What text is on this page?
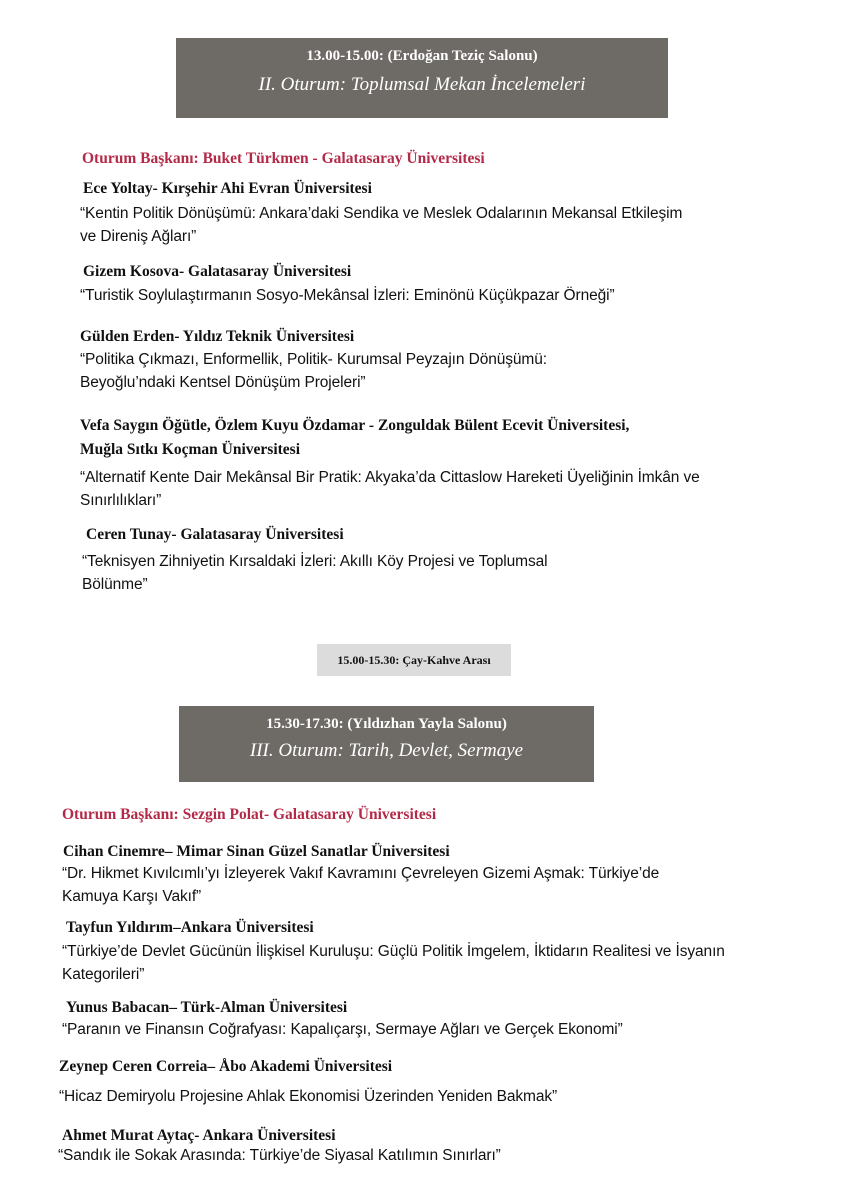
13.00-15.00: (Erdoğan Teziç Salonu)
II. Oturum: Toplumsal Mekan İncelemeleri
Oturum Başkanı: Buket Türkmen - Galatasaray Üniversitesi
Ece Yoltay- Kırşehir Ahi Evran Üniversitesi
“Kentin Politik Dönüşümü: Ankara’daki Sendika ve Meslek Odalarının Mekansal Etkileşim
ve Direniş Ağları”
Gizem Kosova- Galatasaray Üniversitesi
“Turistik Soylulaştırmanın Sosyo-Mekânsal İzleri: Eminönü Küçükpazar Örneği”
Gülden Erden- Yıldız Teknik Üniversitesi
“Politika Çıkmazı, Enformellik, Politik- Kurumsal Peyzajın Dönüşümü:
Beyoğlu’ndaki Kentsel Dönüşüm Projeleri”
Vefa Saygın Öğütle, Özlem Kuyu Özdamar - Zonguldak Bülent Ecevit Üniversitesi,
Muğla Sıtkı Koçman Üniversitesi
“Alternatif Kente Dair Mekânsal Bir Pratik: Akyaka’da Cittaslow Hareketi Üyeliğinin İmkân ve
Sınırlılıkları”
Ceren Tunay- Galatasaray Üniversitesi
“Teknisyen Zihniyetin Kırsaldaki İzleri: Akıllı Köy Projesi ve Toplumsal
Bölünme”
15.00-15.30: Çay-Kahve Arası
15.30-17.30: (Yıldızhan Yayla Salonu)
III. Oturum: Tarih, Devlet, Sermaye
Oturum Başkanı: Sezgin Polat- Galatasaray Üniversitesi
Cihan Cinemre– Mimar Sinan Güzel Sanatlar Üniversitesi
“Dr. Hikmet Kıvılcımlı’yı İzleyerek Vakıf Kavramını Çevreleyen Gizemi Aşmak: Türkiye’de
Kamuya Karşı Vakıf”
Tayfun Yıldırım–Ankara Üniversitesi
“Türkiye’de Devlet Gücünün İlişkisel Kuruluşu: Güçlü Politik İmgelem, İktidarın Realitesi ve İsyanın
Kategorileri”
Yunus Babacan– Türk-Alman Üniversitesi
“Paranın ve Finansın Coğrafyası: Kapalıçarşı, Sermaye Ağları ve Gerçek Ekonomi”
Zeynep Ceren Correia– Åbo Akademi Üniversitesi
“Hicaz Demiryolu Projesine Ahlak Ekonomisi Üzerinden Yeniden Bakmak”
Ahmet Murat Aytaç- Ankara Üniversitesi
“Sandık ile Sokak Arasında: Türkiye’de Siyasal Katılımın Sınırları”
